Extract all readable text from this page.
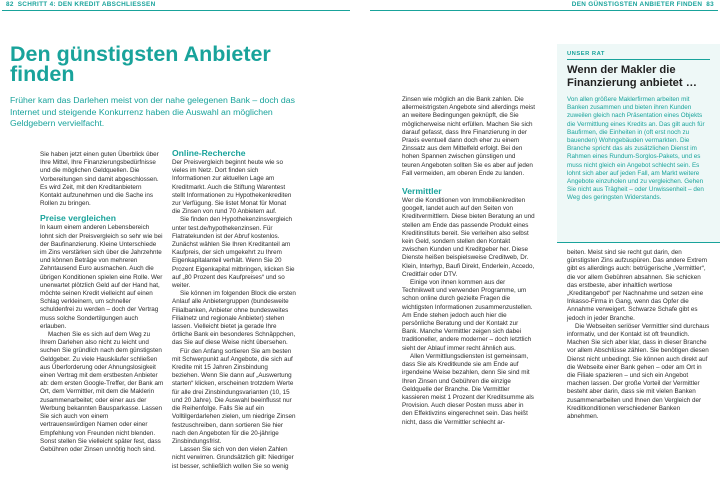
82 SCHRITT 4: DEN KREDIT ABSCHLIESSEN	DEN GÜNSTIGSTEN ANBIETER FINDEN 83
Den günstigsten Anbieter finden
Früher kam das Darlehen meist von der nahe gelegenen Bank – doch das Internet und steigende Konkurrenz haben die Auswahl an möglichen Geldgebern vervielfacht.

Sie haben jetzt einen guten Überblick über Ihre Mittel, Ihre Finanzierungsbedürfnisse und die möglichen Geldquellen. Die Vorbereitungen sind damit abgeschlossen. Es wird Zeit, mit den Kreditanbietern Kontakt aufzunehmen und die Sache ins Rollen zu bringen.

Preise vergleichen

In kaum einem anderen Lebensbereich lohnt sich der Preisvergleich so sehr wie bei der Baufinanzierung. Kleine Unterschiede im Zins verstärken sich über die Jahrzehnte und können Beträge von mehreren Zehntausend Euro ausmachen. Auch die übrigen Konditionen spielen eine Rolle. Wer unerwartet plötzlich Geld auf der Hand hat, möchte seinen Kredit vielleicht auf einen Schlag verkleinern, um schneller schuldenfrei zu werden – doch der Vertrag muss solche Sondertilgungen auch erlauben.

Machen Sie es sich auf dem Weg zu Ihrem Darlehen also nicht zu leicht und suchen Sie gründlich nach dem günstigsten Geldgeber. Zu viele Hauskäufer schließen aus Überforderung oder Ahnungslosigkeit einen Vertrag mit dem erstbesten Anbieter ab: dem ersten Google-Treffer, der Bank am Ort, dem Vermittler, mit dem die Maklerin zusammenarbeitet; oder einer aus der Werbung bekannten Bausparkasse. Lassen Sie sich auch von einem vertrauenswürdigen Namen oder einer Empfehlung von Freunden nicht blenden. Sonst stellen Sie vielleicht später fest, dass Gebühren oder Zinsen unnötig hoch sind.

Online-Recherche

Der Preisvergleich beginnt heute wie so vieles im Netz. Dort finden sich Informationen zur aktuellen Lage am Kreditmarkt. Auch die Stiftung Warentest stellt Informationen zu Hypothekenkrediten zur Verfügung. Sie listet Monat für Monat die Zinsen von rund 70 Anbietern auf.

Sie finden den Hypothekenzinsvergleich unter test.de/hypothekenzinsen. Für Flatratekunden ist der Abruf kostenlos. Zunächst wählen Sie Ihren Kreditanteil am Kaufpreis, der sich umgekehrt zu Ihrem Eigenkapitalanteil verhält. Wenn Sie 20 Prozent Eigenkapital mitbringen, klicken Sie auf „80 Prozent des Kaufpreises“ und so weiter.

Sie können im folgenden Block die ersten Anlauf alle Anbietergruppen (bundesweite Filialbanken, Anbieter ohne bundesweites Filialnetz und regionale Anbieter) stehen lassen. Vielleicht bietet ja gerade Ihre örtliche Bank ein besonderes Schnäppchen, das Sie auf diese Weise nicht übersehen.

Für den Anfang sortieren Sie am besten mit Schwerpunkt auf Angebote, die sich auf Kredite mit 15 Jahren Zinsbindung beziehen. Wenn Sie dann auf „Auswertung starten“ klicken, erscheinen trotzdem Werte für alle drei Zinsbindungsvarianten (10, 15 und 20 Jahre). Die Auswahl beeinflusst nur die Reihenfolge. Falls Sie auf ein Volltilgerdarlehen zielen, um niedrige Zinsen festzuschreiben, dann sortieren Sie hier nach den Angeboten für die 20-jährige Zinsbindungsfrist.

Lassen Sie sich von den vielen Zahlen nicht verwirren. Grundsätzlich gilt: Niedriger ist besser, schließlich wollen Sie so wenig

Zinsen wie möglich an die Bank zahlen. Die allermeistrigsten Angebote sind allerdings meist an weitere Bedingungen geknüpft, die Sie möglicherweise nicht erfüllen. Machen Sie sich darauf gefasst, dass Ihre Finanzierung in der Praxis eventuell dann doch eher zu einem Zinssatz aus dem Mittelfeld erfolgt. Bei den hohen Spannen zwischen günstigen und teuren Angeboten sollten Sie es aber auf jeden Fall vermeiden, am oberen Ende zu landen.

Vermittler

Wer die Konditionen von Immobilienkrediten googelt, landet auch auf den Seiten von Kreditvermittlern. Diese bieten Beratung an und stellen am Ende das passende Produkt eines Kreditinstituts bereit. Sie verleihen also selbst kein Geld, sondern stellen den Kontakt zwischen Kunden und Kreditgeber her. Diese Dienste heißen beispielsweise Creditweb, Dr. Klein, Interhyp, Baufi Direkt, Enderlein, Accedo, Creditfair oder DTV.

Einige von ihnen kommen aus der Technikwelt und verwenden Programme, um schon online durch gezielte Fragen die wichtigsten Informationen zusammenzustellen. Am Ende stehen jedoch auch hier die persönliche Beratung und der Kontakt zur Bank. Manche Vermittler zeigen sich dabei traditioneller, andere moderner – doch letztlich sieht der Ablauf immer recht ähnlich aus.

Allen Vermittlungsdiensten ist gemeinsam, dass Sie als Kreditkunde sie am Ende auf irgendeine Weise bezahlen, denn Sie sind mit Ihren Zinsen und Gebühren die einzige Geldquelle der Branche. Die Vermittler kassieren meist 1 Prozent der Kreditsumme als Provision. Auch dieser Posten muss aber in den Effektivzins eingerechnet sein. Das heißt nicht, dass die Vermittler schlecht ar-

UNSER RAT
Wenn der Makler die Finanzierung anbietet …
Von allen größere Maklerfirmen arbeiten mit Banken zusammen und bieten ihren Kunden zuweilen gleich nach Präsentation eines Objekts die Vermittlung eines Kredits an. Das gilt auch für Baufirmen, die Einheiten in (oft erst noch zu bauenden) Wohngebäuden vermarkten. Die Branche spricht das als zusätzlichen Dienst im Rahmen eines Rundum-Sorglos-Pakets, und es muss nicht gleich ein Angebot schlecht sein. Es lohnt sich aber auf jeden Fall, am Markt weitere Angebote einzuholen und zu vergleichen. Gehen Sie nicht aus Trägheit – oder Unwissenheit – den Weg des geringsten Widerstands.

beiten. Meist sind sie recht gut darin, den günstigsten Zins aufzuspüren. Das andere Extrem gibt es allerdings auch: betrügerische „Vermittler“, die vor allem Gebühren absahnen. Sie schicken das erstbeste, aber inhaltlich wertlose „Kreditangebot“ per Nachnahme und setzen eine Inkasso-Firma in Gang, wenn das Opfer die Annahme verweigert. Schwarze Schafe gibt es jedoch in jeder Branche.

Die Webseiten seriöser Vermittler sind durchaus informativ, und der Kontakt ist oft freundlich. Machen Sie sich aber klar, dass in dieser Branche vor allem Abschlüsse zählen. Sie benötigen diesen Dienst nicht unbedingt. Sie können auch direkt auf die Webseite einer Bank gehen – oder am Ort in die Filiale spazieren – und sich ein Angebot machen lassen. Der große Vorteil der Vermittler besteht aber darin, dass sie mit vielen Banken zusammenarbeiten und Ihnen den Vergleich der Kreditkonditionen verschiedener Banken abnehmen.
